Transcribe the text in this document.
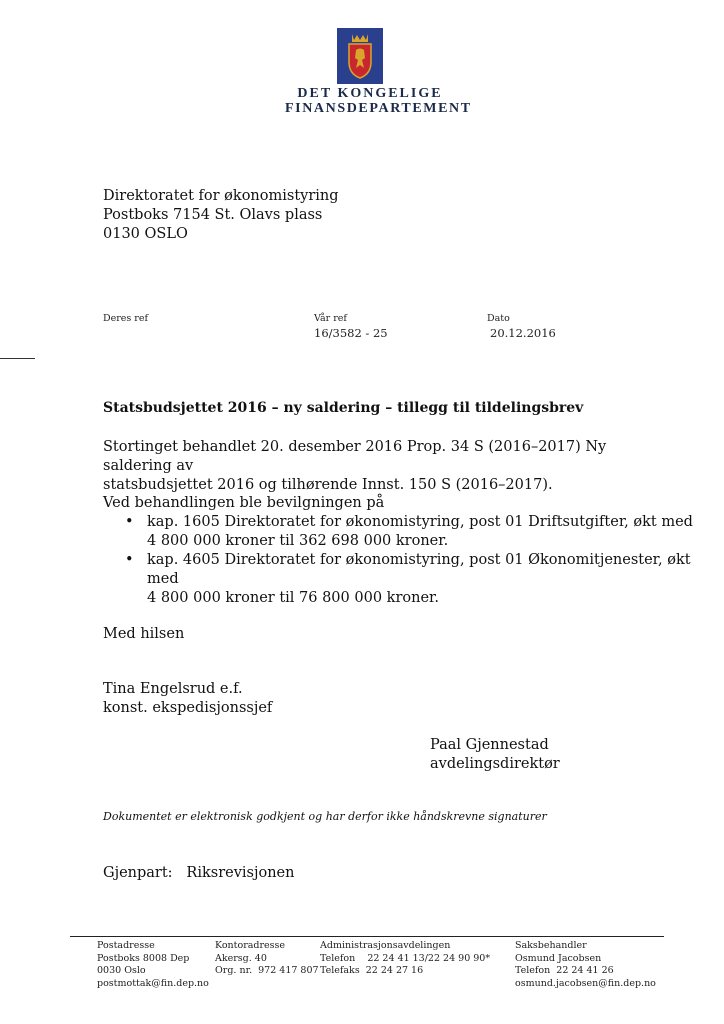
DET KONGELIGE
FINANSDEPARTEMENT
Direktoratet for økonomistyring
Postboks 7154 St. Olavs plass
0130 OSLO
Deres ref	Vår ref
16/3582 - 25
Dato
20.12.2016
Statsbudsjettet 2016 – ny saldering – tillegg til tildelingsbrev
Stortinget behandlet 20. desember 2016 Prop. 34 S (2016–2017) Ny saldering av
statsbudsjettet 2016 og tilhørende Innst. 150 S (2016–2017).
Ved behandlingen ble bevilgningen på
• kap. 1605 Direktoratet for økonomistyring, post 01 Driftsutgifter, økt med
4 800 000 kroner til 362 698 000 kroner.
• kap. 4605 Direktoratet for økonomistyring, post 01 Økonomitjenester, økt med
4 800 000 kroner til 76 800 000 kroner.
Med hilsen
Tina Engelsrud e.f.
konst. ekspedisjonssjef
Paal Gjennestad
avdelingsdirektør
Dokumentet er elektronisk godkjent og har derfor ikke håndskrevne signaturer
Gjenpart: Riksrevisjonen
Postadresse
Postboks 8008 Dep
0030 Oslo
postmottak@fin.dep.no
Kontoradresse
Akersg. 40
Org. nr.  972 417 807
Administrasjonsavdelingen
Telefon    22 24 41 13/22 24 90 90*
Telefaks  22 24 27 16
Saksbehandler
Osmund Jacobsen
Telefon  22 24 41 26
osmund.jacobsen@fin.dep.no
